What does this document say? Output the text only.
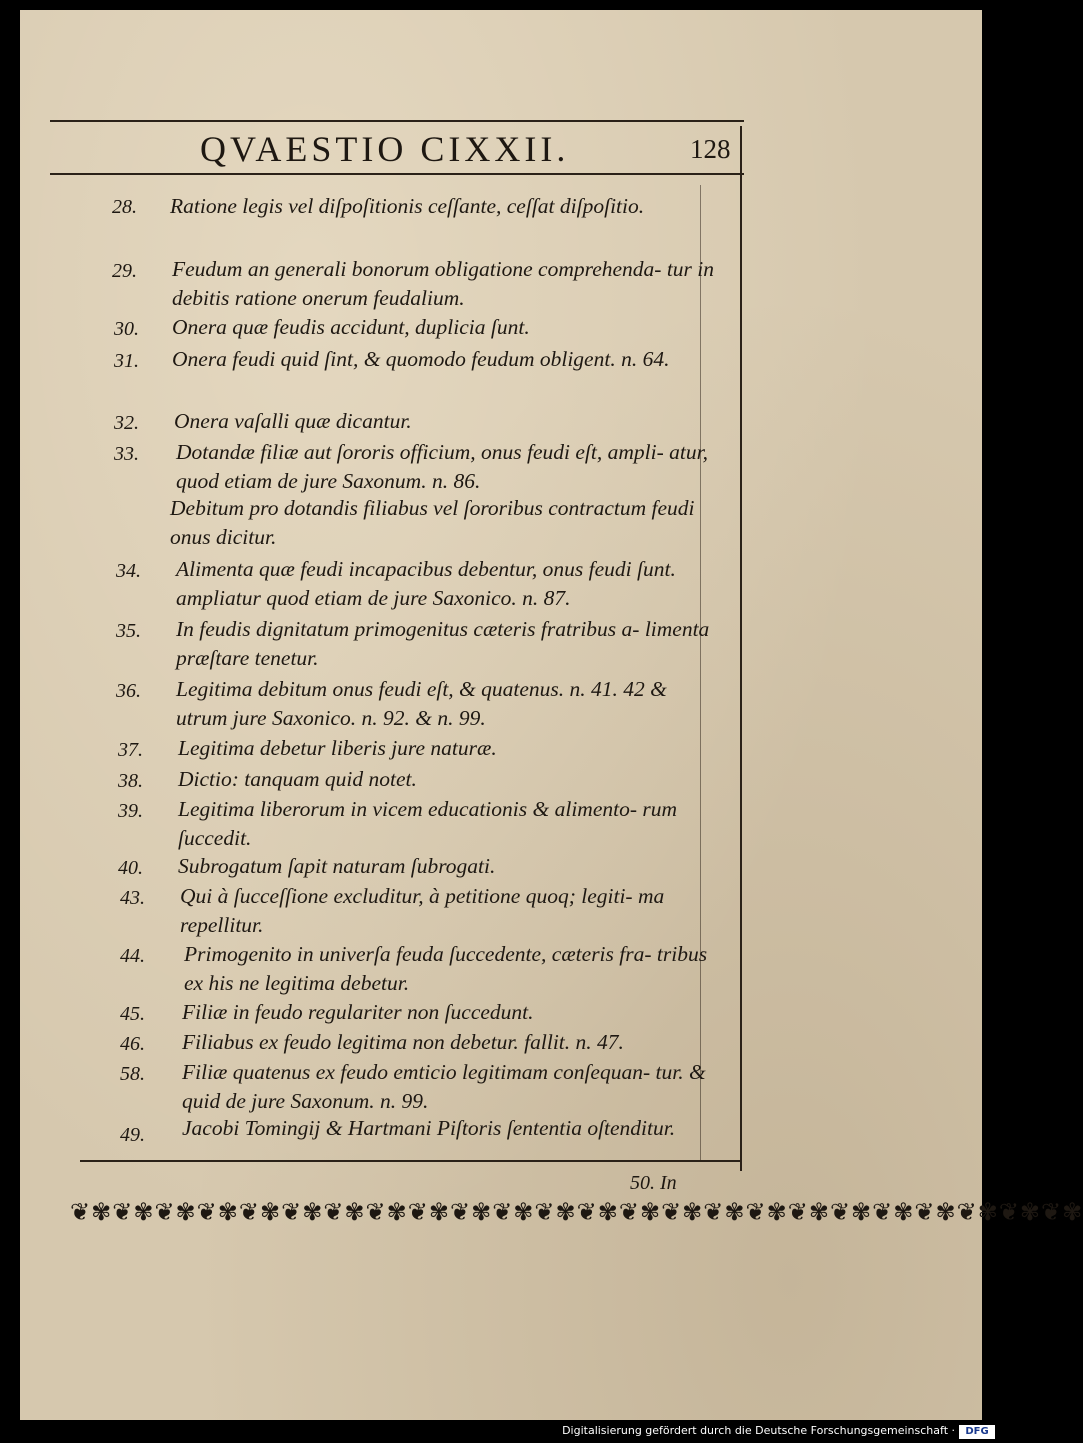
QVAESTIO CIXXII.	128
28.	Ratione legis vel diſpoſitionis ceſſante, ceſſat diſpoſitio.
29.	Feudum an generali bonorum obligatione comprehenda- tur in debitis ratione onerum feudalium.
30.	Onera quæ feudis accidunt, duplicia ſunt.
31.	Onera feudi quid ſint, & quomodo feudum obligent. n. 64.
32.	Onera vaſalli quæ dicantur.
33.	Dotandæ filiæ aut ſororis officium, onus feudi eſt, ampli- atur, quod etiam de jure Saxonum. n. 86.
Debitum pro dotandis filiabus vel ſororibus contractum feudi onus dicitur.
34.	Alimenta quæ feudi incapacibus debentur, onus feudi ſunt. ampliatur quod etiam de jure Saxonico. n. 87.
35.	In feudis dignitatum primogenitus cæteris fratribus a- limenta præſtare tenetur.
36.	Legitima debitum onus feudi eſt, & quatenus. n. 41. 42 & utrum jure Saxonico. n. 92. & n. 99.
37.	Legitima debetur liberis jure naturæ.
38.	Dictio: tanquam quid notet.
39.	Legitima liberorum in vicem educationis & alimento- rum ſuccedit.
40.	Subrogatum ſapit naturam ſubrogati.
43.	Qui à ſucceſſione excluditur, à petitione quoq; legiti- ma repellitur.
44.	Primogenito in univerſa feuda ſuccedente, cæteris fra- tribus ex his ne legitima debetur.
45.	Filiæ in feudo regulariter non ſuccedunt.
46.	Filiabus ex feudo legitima non debetur. fallit. n. 47.
58.	Filiæ quatenus ex feudo emticio legitimam conſequan- tur. & quid de jure Saxonum. n. 99.
49.	Jacobi Tomingij & Hartmani Piſtoris ſententia oſtenditur.
50. In
❦✾❦✾❦✾❦✾❦✾❦✾❦✾❦✾❦✾❦✾❦✾❦✾❦✾❦✾❦✾❦✾❦✾❦✾❦✾❦✾❦✾❦✾❦✾❦✾
Digitalisierung gefördert durch die Deutsche Forschungsgemeinschaft ·	DFG
